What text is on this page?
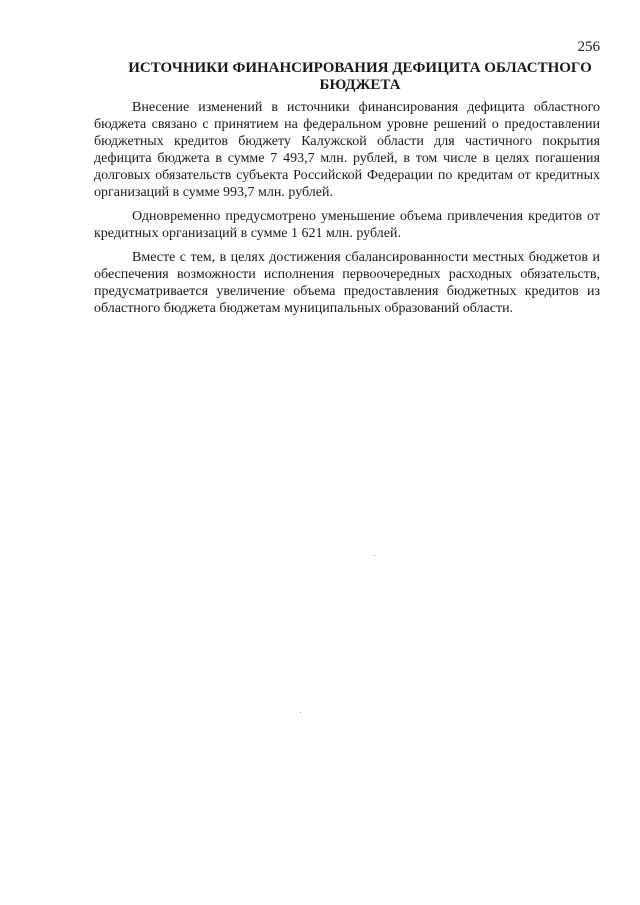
256
ИСТОЧНИКИ ФИНАНСИРОВАНИЯ ДЕФИЦИТА ОБЛАСТНОГО
БЮДЖЕТА

Внесение изменений в источники финансирования дефицита областного бюджета связано с принятием на федеральном уровне решений о предоставлении бюджетных кредитов бюджету Калужской области для частичного покрытия дефицита бюджета в сумме 7 493,7 млн. рублей, в том числе в целях погашения долговых обязательств субъекта Российской Федерации по кредитам от кредитных организаций в сумме 993,7 млн. рублей.

Одновременно предусмотрено уменьшение объема привлечения кредитов от кредитных организаций в сумме 1 621 млн. рублей.

Вместе с тем, в целях достижения сбалансированности местных бюджетов и обеспечения возможности исполнения первоочередных расходных обязательств, предусматривается увеличение объема предоставления бюджетных кредитов из областного бюджета бюджетам муниципальных образований области.
